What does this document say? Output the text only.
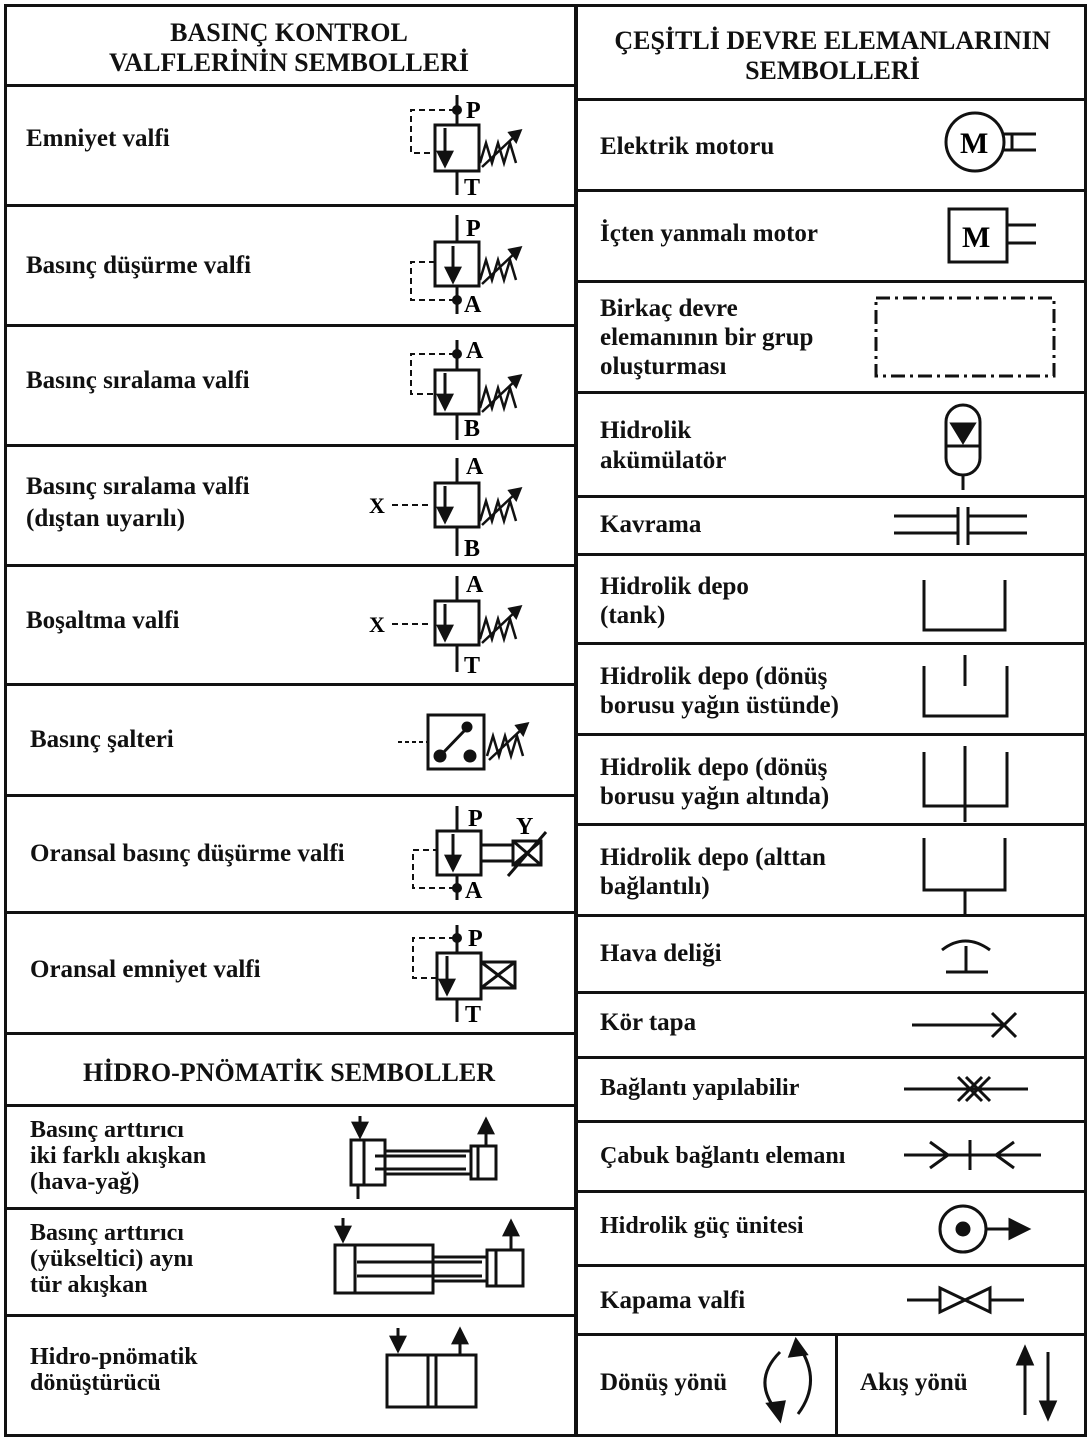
BASINÇ KONTROL
VALFLERİNİN SEMBOLLERİ
Emniyet valfi
Basınç düşürme valfi
Basınç sıralama valfi
Basınç sıralama valfi
(dıştan uyarılı)
Boşaltma valfi
Basınç şalteri
Oransal basınç düşürme valfi
Oransal emniyet valfi
HİDRO-PNÖMATİK SEMBOLLER
Basınç arttırıcı
iki farklı akışkan
(hava-yağ)
Basınç arttırıcı
(yükseltici) aynı
tür akışkan
Hidro-pnömatik
dönüştürücü
ÇEŞİTLİ DEVRE ELEMANLARININ
SEMBOLLERİ
Elektrik motoru
İçten yanmalı motor
Birkaç devre
elemanının bir grup
oluşturması
Hidrolik
akümülatör
Kavrama
Hidrolik depo
(tank)
Hidrolik depo (dönüş
borusu yağın üstünde)
Hidrolik depo (dönüş
borusu yağın altında)
Hidrolik depo (alttan
bağlantılı)
Hava deliği
Kör tapa
Bağlantı yapılabilir
Çabuk bağlantı elemanı
Hidrolik güç ünitesi
Kapama valfi
Dönüş yönü	Akış yönü
P
T
P
A
A
B
A
B
X
A
T
X
P
A
Y
P
T
M
M
